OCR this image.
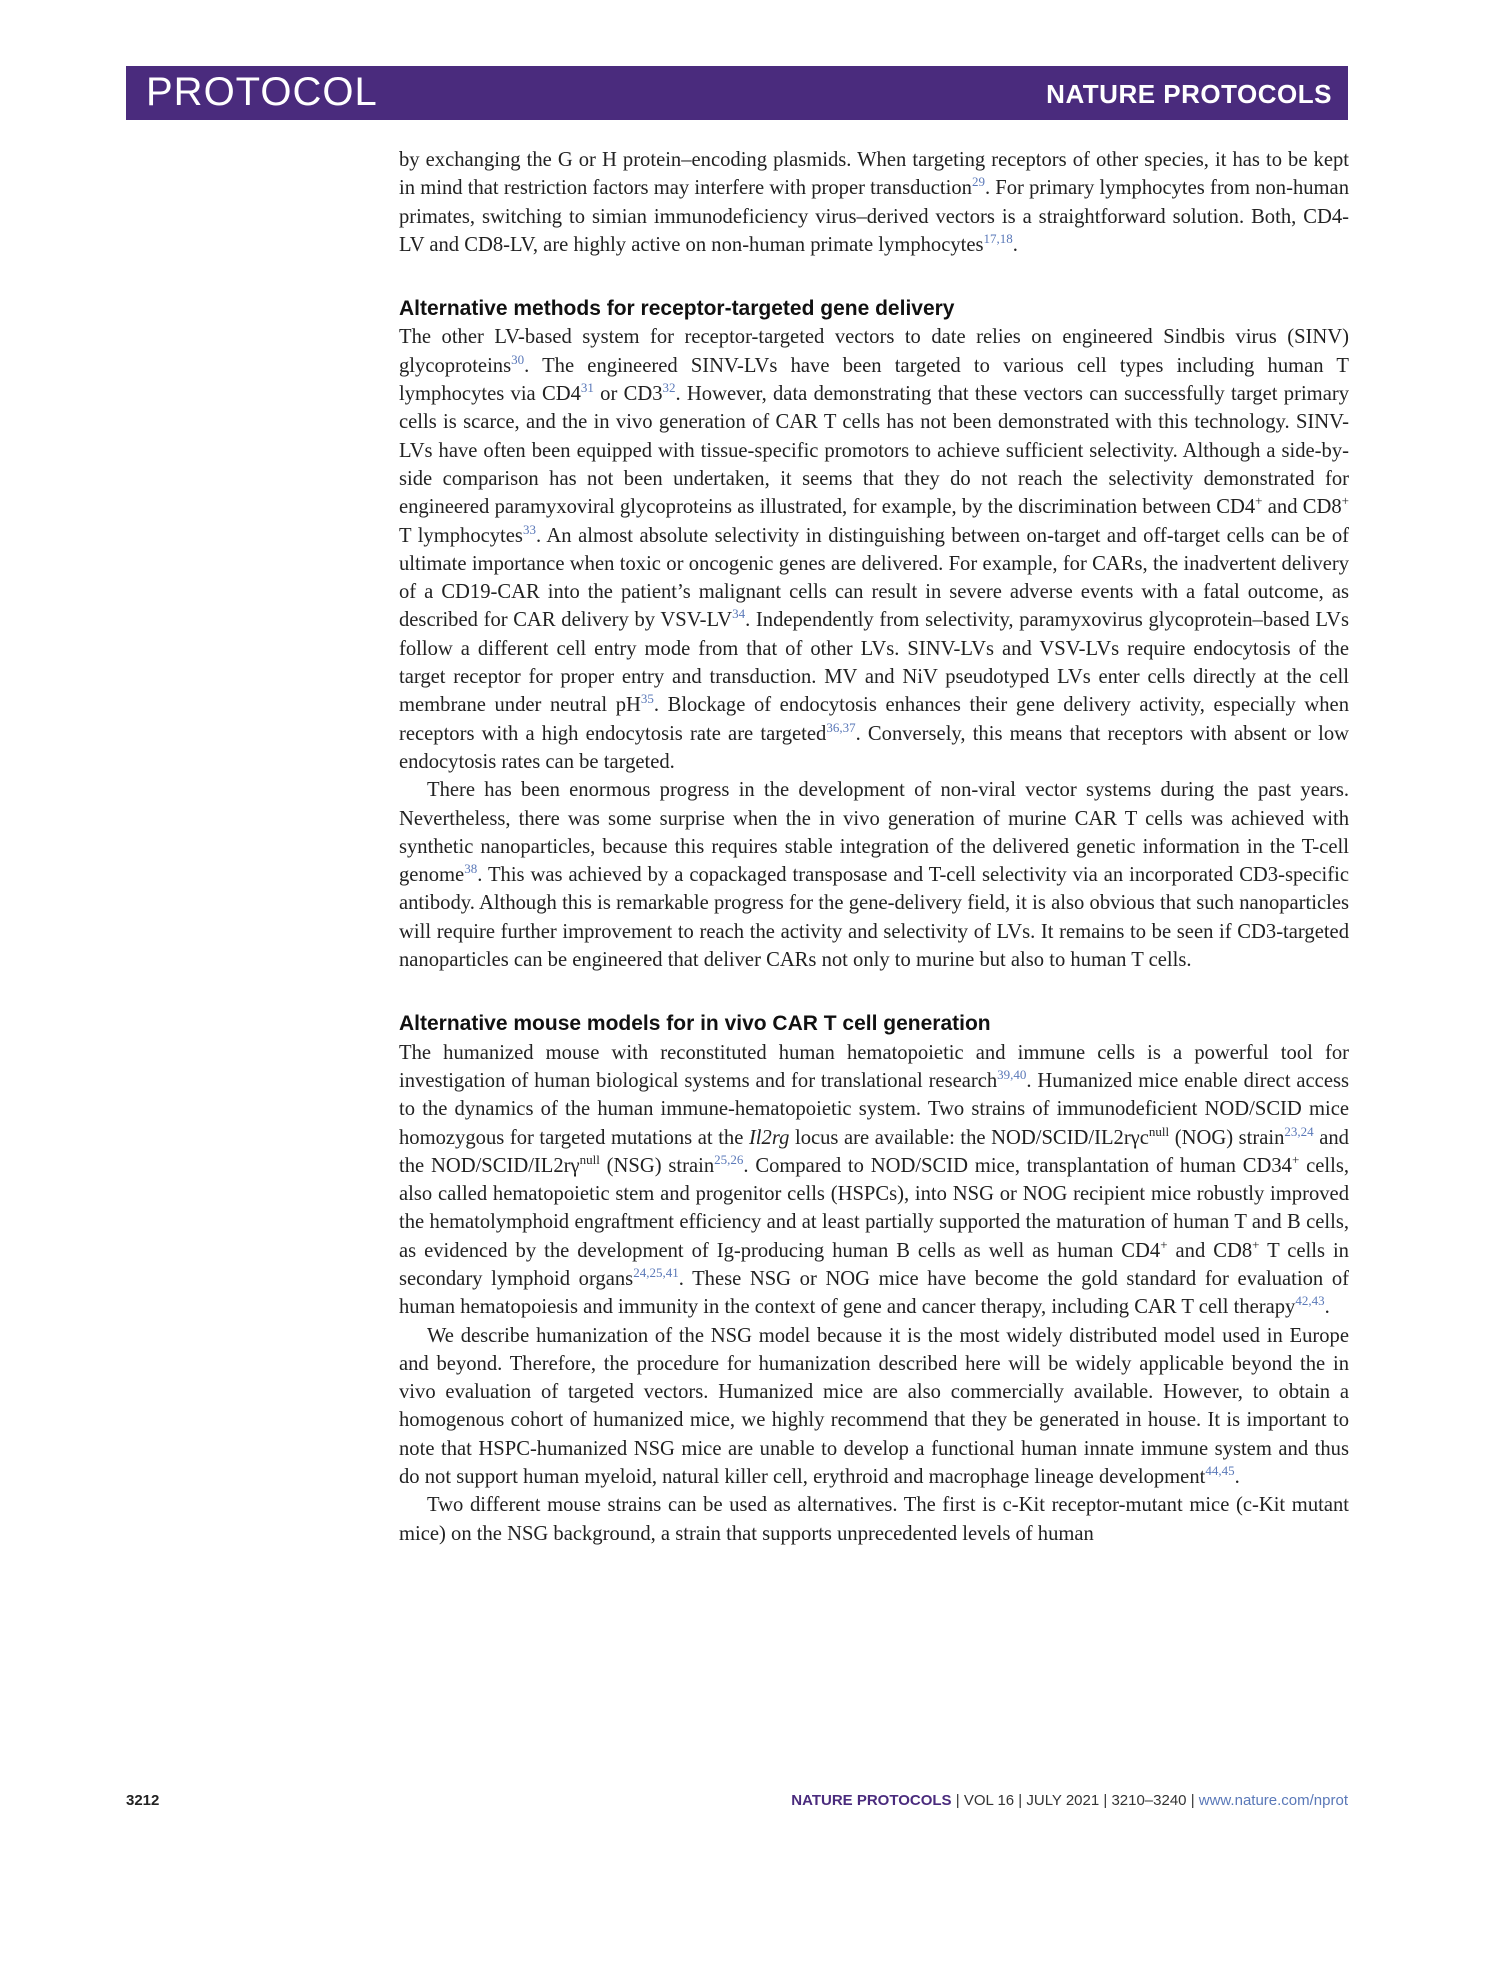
PROTOCOL	NATURE PROTOCOLS

by exchanging the G or H protein–encoding plasmids. When targeting receptors of other species, it has to be kept in mind that restriction factors may interfere with proper transduction$^{29}$. For primary lymphocytes from non-human primates, switching to simian immunodeficiency virus–derived vectors is a straightforward solution. Both, CD4-LV and CD8-LV, are highly active on non-human primate lymphocytes$^{17,18}$.

Alternative methods for receptor-targeted gene delivery

The other LV-based system for receptor-targeted vectors to date relies on engineered Sindbis virus (SINV) glycoproteins$^{30}$. The engineered SINV-LVs have been targeted to various cell types including human T lymphocytes via $CD4^{31}$ or $CD3^{32}$. However, data demonstrating that these vectors can successfully target primary cells is scarce, and the in vivo generation of CAR T cells has not been demonstrated with this technology. SINV-LVs have often been equipped with tissue-specific promotors to achieve sufficient selectivity. Although a side-by-side comparison has not been undertaken, it seems that they do not reach the selectivity demonstrated for engineered paramyxoviral glycoproteins as illustrated, for example, by the discrimination between CD4+ and CD8+ T lymphocytes$^{33}$. An almost absolute selectivity in distinguishing between on-target and off-target cells can be of ultimate importance when toxic or oncogenic genes are delivered. For example, for CARs, the inadvertent delivery of a CD19-CAR into the patient’s malignant cells can result in severe adverse events with a fatal outcome, as described for CAR delivery by VSV-LV$^{34}$. Independently from selectivity, paramyxovirus glycoprotein–based LVs follow a different cell entry mode from that of other LVs. SINV-LVs and VSV-LVs require endocytosis of the target receptor for proper entry and transduction. MV and NiV pseudotyped LVs enter cells directly at the cell membrane under neutral $pH^{35}$. Blockage of endocytosis enhances their gene delivery activity, especially when receptors with a high endocytosis rate are targeted$^{36,37}$. Conversely, this means that receptors with absent or low endocytosis rates can be targeted.

There has been enormous progress in the development of non-viral vector systems during the past years. Nevertheless, there was some surprise when the in vivo generation of murine CAR T cells was achieved with synthetic nanoparticles, because this requires stable integration of the delivered genetic information in the T-cell genome$^{38}$. This was achieved by a copackaged transposase and T-cell selectivity via an incorporated CD3-specific antibody. Although this is remarkable progress for the gene-delivery field, it is also obvious that such nanoparticles will require further improvement to reach the activity and selectivity of LVs. It remains to be seen if CD3-targeted nanoparticles can be engineered that deliver CARs not only to murine but also to human T cells.

Alternative mouse models for in vivo CAR T cell generation

The humanized mouse with reconstituted human hematopoietic and immune cells is a powerful tool for investigation of human biological systems and for translational research$^{39,40}$. Humanized mice enable direct access to the dynamics of the human immune-hematopoietic system. Two strains of immunodeficient NOD/SCID mice homozygous for targeted mutations at the Il2rg locus are available: the NOD/SCID/IL2rγc$^{null}$ (NOG) strain$^{23,24}$ and the NOD/$SCID/IL2r\gamma^{null}$ (NSG) strain$^{25,26}$. Compared to NOD/SCID mice, transplantation of human CD34+ cells, also called hematopoietic stem and progenitor cells (HSPCs), into NSG or NOG recipient mice robustly improved the hematolymphoid engraftment efficiency and at least partially supported the maturation of human T and B cells, as evidenced by the development of Ig-producing human B cells as well as human CD4+ and CD8+ T cells in secondary lymphoid organs$^{24,25,41}$. These NSG or NOG mice have become the gold standard for evaluation of human hematopoiesis and immunity in the context of gene and cancer therapy, including CAR T cell therapy$^{42,43}$.

We describe humanization of the NSG model because it is the most widely distributed model used in Europe and beyond. Therefore, the procedure for humanization described here will be widely applicable beyond the in vivo evaluation of targeted vectors. Humanized mice are also commercially available. However, to obtain a homogenous cohort of humanized mice, we highly recommend that they be generated in house. It is important to note that HSPC-humanized NSG mice are unable to develop a functional human innate immune system and thus do not support human myeloid, natural killer cell, erythroid and macrophage lineage development$^{44,45}$.

Two different mouse strains can be used as alternatives. The first is c-Kit receptor-mutant mice (c-Kit mutant mice) on the NSG background, a strain that supports unprecedented levels of human

3212	NATURE PROTOCOLS | VOL 16 | JULY 2021 | 3210–3240 | www.nature.com/nprot
